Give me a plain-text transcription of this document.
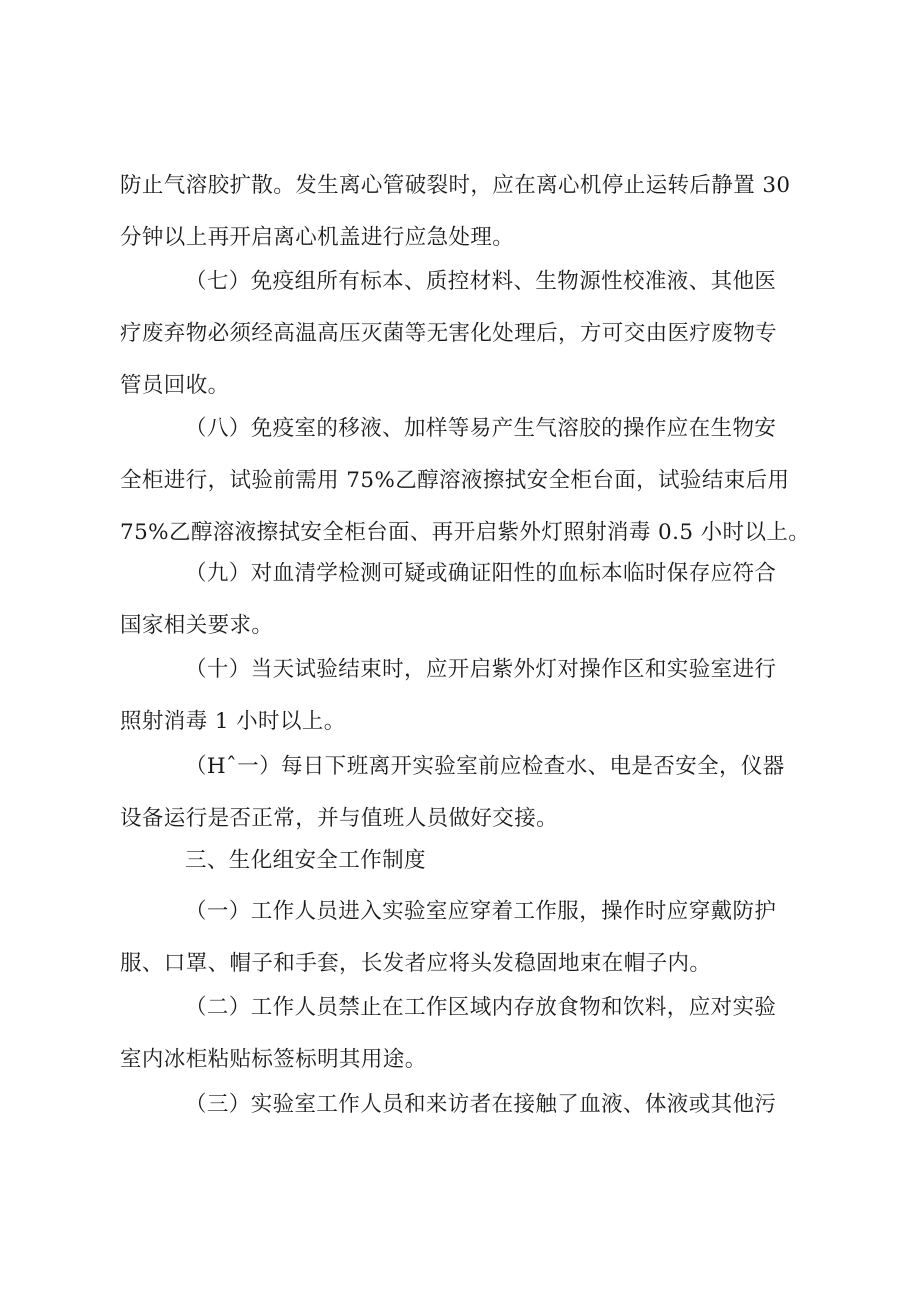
防止气溶胶扩散。发生离心管破裂时，应在离心机停止运转后静置 30
分钟以上再开启离心机盖进行应急处理。

（七）免疫组所有标本、质控材料、生物源性校准液、其他医
疗废弃物必须经高温高压灭菌等无害化处理后，方可交由医疗废物专
管员回收。

（八）免疫室的移液、加样等易产生气溶胶的操作应在生物安
全柜进行，试验前需用 75%乙醇溶液擦拭安全柜台面，试验结束后用
75%乙醇溶液擦拭安全柜台面、再开启紫外灯照射消毒 0.5 小时以上。

（九）对血清学检测可疑或确证阳性的血标本临时保存应符合
国家相关要求。

（十）当天试验结束时，应开启紫外灯对操作区和实验室进行
照射消毒 1 小时以上。

（Hˆ一）每日下班离开实验室前应检查水、电是否安全，仪器
设备运行是否正常，并与值班人员做好交接。

三、生化组安全工作制度

（一）工作人员进入实验室应穿着工作服，操作时应穿戴防护
服、口罩、帽子和手套，长发者应将头发稳固地束在帽子内。

（二）工作人员禁止在工作区域内存放食物和饮料，应对实验
室内冰柜粘贴标签标明其用途。

（三）实验室工作人员和来访者在接触了血液、体液或其他污
